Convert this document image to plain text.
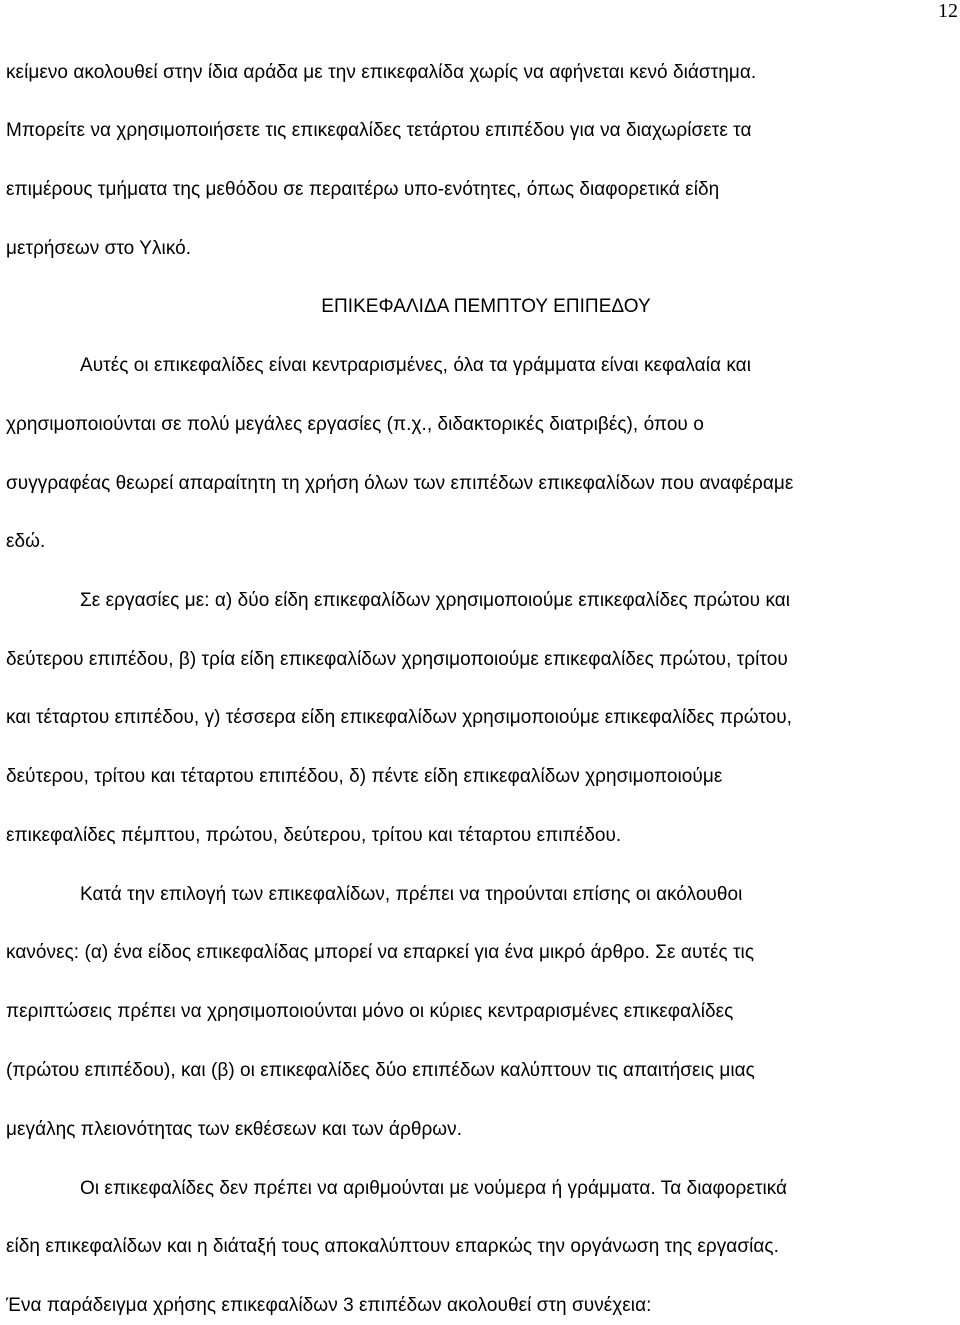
12
κείμενο ακολουθεί στην ίδια αράδα με την επικεφαλίδα χωρίς να αφήνεται κενό διάστημα.
Μπορείτε να χρησιμοποιήσετε τις επικεφαλίδες τετάρτου επιπέδου για να διαχωρίσετε τα
επιμέρους τμήματα της μεθόδου σε περαιτέρω υπο-ενότητες, όπως διαφορετικά είδη
μετρήσεων στο Υλικό.
ΕΠΙΚΕΦΑΛΙΔΑ ΠΕΜΠΤΟΥ ΕΠΙΠΕΔΟΥ
Αυτές οι επικεφαλίδες είναι κεντραρισμένες, όλα τα γράμματα είναι κεφαλαία και
χρησιμοποιούνται σε πολύ μεγάλες εργασίες (π.χ., διδακτορικές διατριβές), όπου ο
συγγραφέας θεωρεί απαραίτητη τη χρήση όλων των επιπέδων επικεφαλίδων που αναφέραμε
εδώ.
Σε εργασίες με: α) δύο είδη επικεφαλίδων χρησιμοποιούμε επικεφαλίδες πρώτου και
δεύτερου επιπέδου, β) τρία είδη επικεφαλίδων χρησιμοποιούμε επικεφαλίδες πρώτου, τρίτου
και τέταρτου επιπέδου, γ) τέσσερα είδη επικεφαλίδων χρησιμοποιούμε επικεφαλίδες πρώτου,
δεύτερου, τρίτου και τέταρτου επιπέδου, δ) πέντε είδη επικεφαλίδων χρησιμοποιούμε
επικεφαλίδες πέμπτου, πρώτου, δεύτερου, τρίτου και τέταρτου επιπέδου.
Κατά την επιλογή των επικεφαλίδων, πρέπει να τηρούνται επίσης οι ακόλουθοι
κανόνες: (α) ένα είδος επικεφαλίδας μπορεί να επαρκεί για ένα μικρό άρθρο. Σε αυτές τις
περιπτώσεις πρέπει να χρησιμοποιούνται μόνο οι κύριες κεντραρισμένες επικεφαλίδες
(πρώτου επιπέδου), και (β) οι επικεφαλίδες δύο επιπέδων καλύπτουν τις απαιτήσεις μιας
μεγάλης πλειονότητας των εκθέσεων και των άρθρων.
Οι επικεφαλίδες δεν πρέπει να αριθμούνται με νούμερα ή γράμματα. Τα διαφορετικά
είδη επικεφαλίδων και η διάταξή τους αποκαλύπτουν επαρκώς την οργάνωση της εργασίας.
Ένα παράδειγμα χρήσης επικεφαλίδων 3 επιπέδων ακολουθεί στη συνέχεια:
